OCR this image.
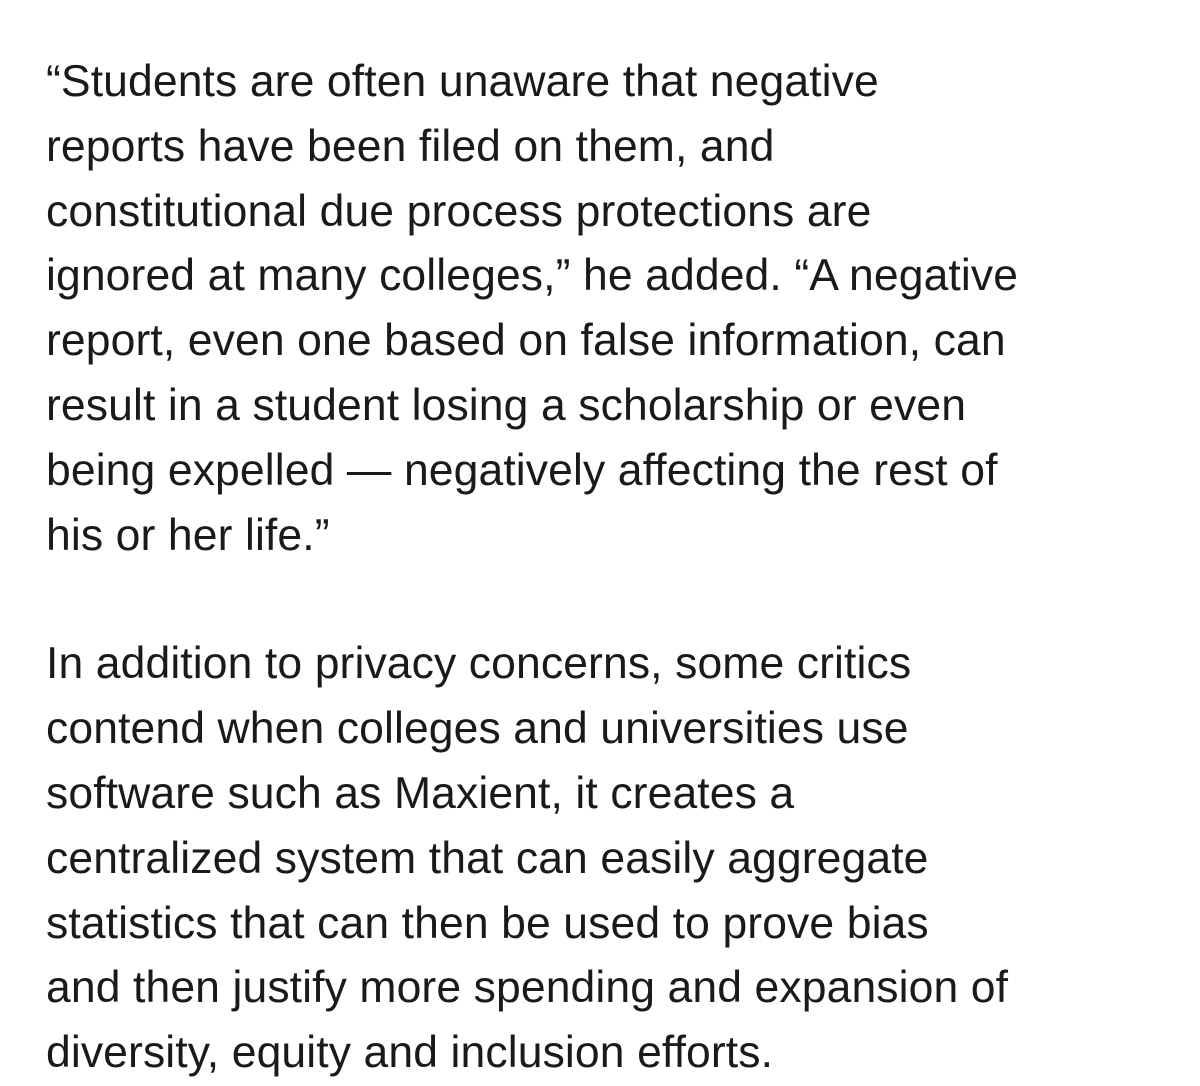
“Students are often unaware that negative
reports have been filed on them, and
constitutional due process protections are
ignored at many colleges,” he added. “A negative
report, even one based on false information, can
result in a student losing a scholarship or even
being expelled — negatively affecting the rest of
his or her life.”

In addition to privacy concerns, some critics
contend when colleges and universities use
software such as Maxient, it creates a
centralized system that can easily aggregate
statistics that can then be used to prove bias
and then justify more spending and expansion of
diversity, equity and inclusion efforts.
